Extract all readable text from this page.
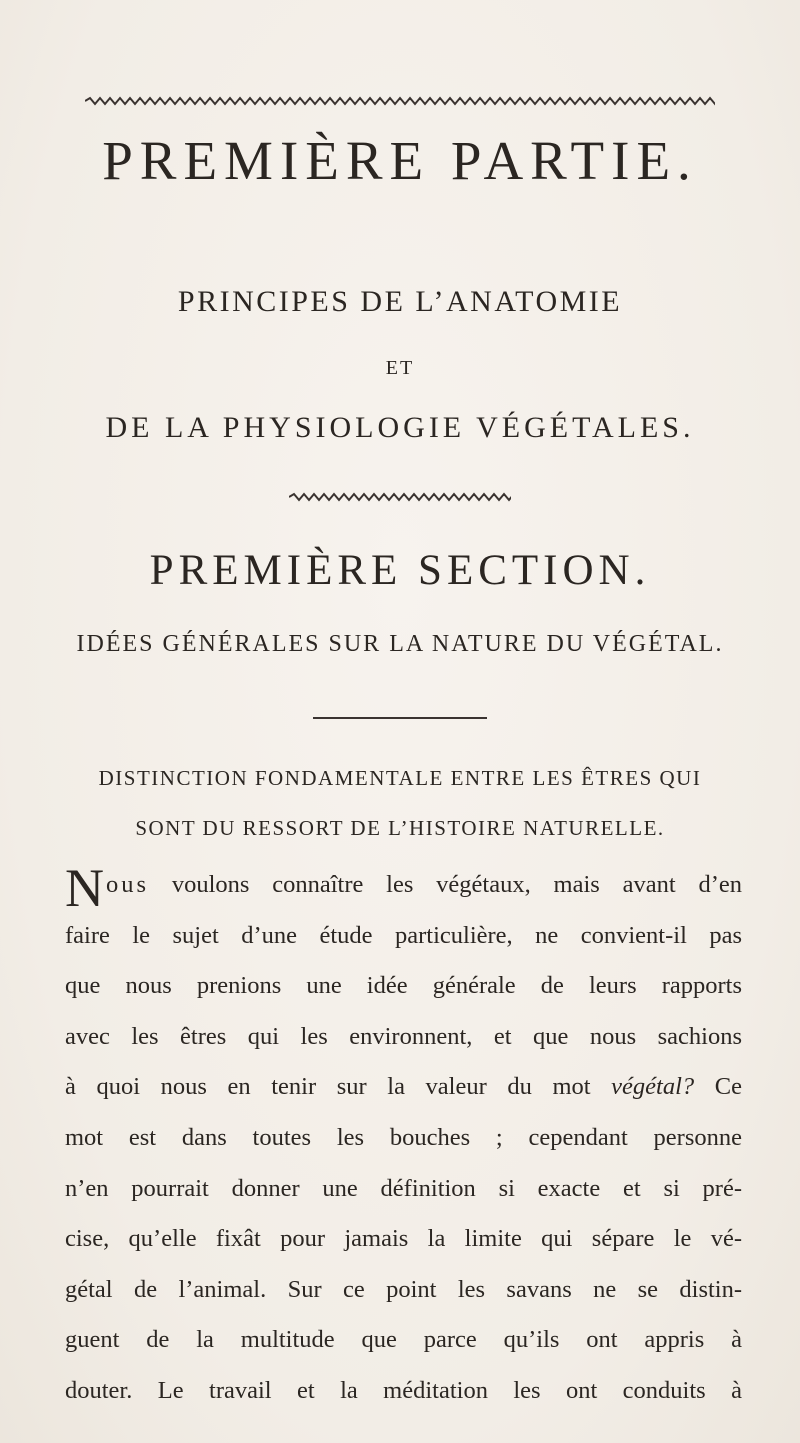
PREMIÈRE PARTIE.
PRINCIPES DE L’ANATOMIE
ET
DE LA PHYSIOLOGIE VÉGÉTALES.
PREMIÈRE SECTION.
IDÉES GÉNÉRALES SUR LA NATURE DU VÉGÉTAL.
DISTINCTION FONDAMENTALE ENTRE LES ÊTRES QUI
SONT DU RESSORT DE L’HISTOIRE NATURELLE.
N ous voulons connaître les végétaux, mais avant d’en
faire le sujet d’une étude particulière, ne convient-il pas
que nous prenions une idée générale de leurs rapports
avec les êtres qui les environnent, et que nous sachions
à quoi nous en tenir sur la valeur du mot végétal? Ce
mot est dans toutes les bouches ; cependant personne
n’en pourrait donner une définition si exacte et si pré-
cise, qu’elle fixât pour jamais la limite qui sépare le vé-
gétal de l’animal. Sur ce point les savans ne se distin-
guent de la multitude que parce qu’ils ont appris à
douter. Le travail et la méditation les ont conduits à
